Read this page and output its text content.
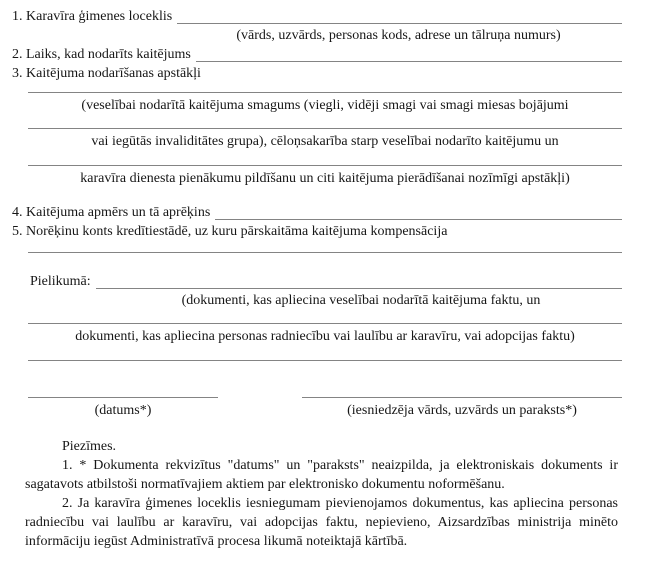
1. Karavīra ģimenes loceklis
(vārds, uzvārds, personas kods, adrese un tālruņa numurs)
2. Laiks, kad nodarīts kaitējums
3. Kaitējuma nodarīšanas apstākļi
(veselībai nodarītā kaitējuma smagums (viegli, vidēji smagi vai smagi miesas bojājumi
vai iegūtās invaliditātes grupa), cēloņsakarība starp veselībai nodarīto kaitējumu un
karavīra dienesta pienākumu pildīšanu un citi kaitējuma pierādīšanai nozīmīgi apstākļi)
4. Kaitējuma apmērs un tā aprēķins
5. Norēķinu konts kredītiestādē, uz kuru pārskaitāma kaitējuma kompensācija
Pielikumā:
(dokumenti, kas apliecina veselībai nodarītā kaitējuma faktu, un
dokumenti, kas apliecina personas radniecību vai laulību ar karavīru, vai adopcijas faktu)
(datums*)	(iesniedzēja vārds, uzvārds un paraksts*)
Piezīmes.

1. * Dokumenta rekvizītus "datums" un "paraksts" neaizpilda, ja elektroniskais dokuments ir sagatavots atbilstoši normatīvajiem aktiem par elektronisko dokumentu noformēšanu.

2. Ja karavīra ģimenes loceklis iesniegumam pievienojamos dokumentus, kas apliecina personas radniecību vai laulību ar karavīru, vai adopcijas faktu, nepievieno, Aizsardzības ministrija minēto informāciju iegūst Administratīvā procesa likumā noteiktajā kārtībā.
